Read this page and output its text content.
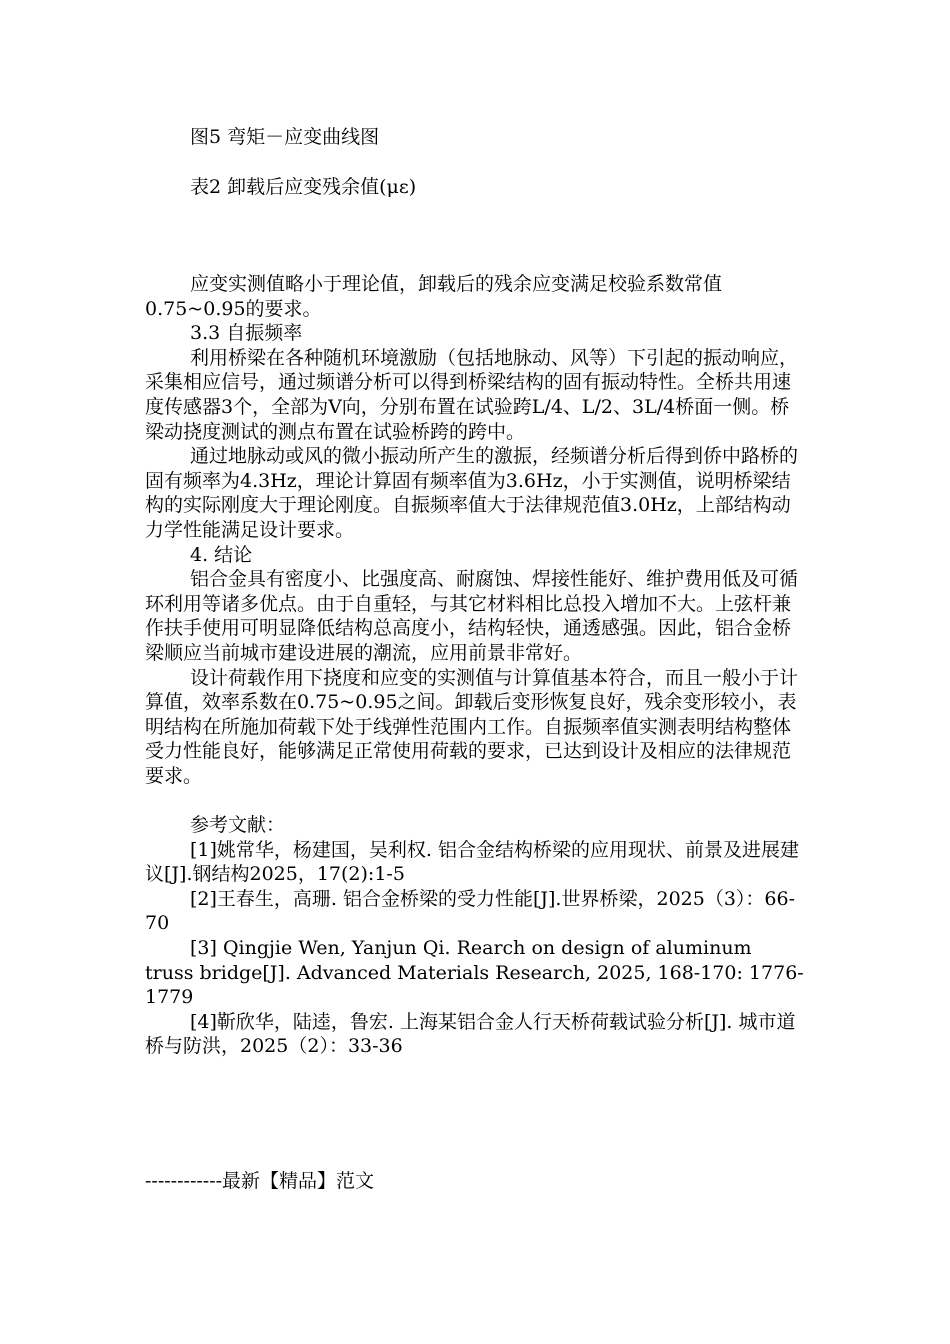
图5 弯矩－应变曲线图
表2 卸载后应变残余值(με)

应变实测值略小于理论值，卸载后的残余应变满足校验系数常值0.75~0.95的要求。

3.3 自振频率

利用桥梁在各种随机环境激励（包括地脉动、风等）下引起的振动响应，采集相应信号，通过频谱分析可以得到桥梁结构的固有振动特性。全桥共用速度传感器3个，全部为V向，分别布置在试验跨L/4、L/2、3L/4桥面一侧。桥梁动挠度测试的测点布置在试验桥跨的跨中。

通过地脉动或风的微小振动所产生的激振，经频谱分析后得到侨中路桥的固有频率为4.3Hz，理论计算固有频率值为3.6Hz，小于实测值，说明桥梁结构的实际刚度大于理论刚度。自振频率值大于法律规范值3.0Hz，上部结构动力学性能满足设计要求。

4. 结论

铝合金具有密度小、比强度高、耐腐蚀、焊接性能好、维护费用低及可循环利用等诸多优点。由于自重轻，与其它材料相比总投入增加不大。上弦杆兼作扶手使用可明显降低结构总高度小，结构轻快，通透感强。因此，铝合金桥梁顺应当前城市建设进展的潮流，应用前景非常好。

设计荷载作用下挠度和应变的实测值与计算值基本符合，而且一般小于计算值，效率系数在0.75~0.95之间。卸载后变形恢复良好，残余变形较小，表明结构在所施加荷载下处于线弹性范围内工作。自振频率值实测表明结构整体受力性能良好，能够满足正常使用荷载的要求，已达到设计及相应的法律规范要求。

参考文献：

[1]姚常华，杨建国，吴利权. 铝合金结构桥梁的应用现状、前景及进展建议[J].钢结构2025，17(2):1-5

[2]王春生，高珊. 铝合金桥梁的受力性能[J].世界桥梁，2025（3）：66-70

[3] Qingjie Wen, Yanjun Qi. Rearch on design of aluminum truss bridge[J]. Advanced Materials Research, 2025, 168-170: 1776-1779

[4]靳欣华，陆逵，鲁宏. 上海某铝合金人行天桥荷载试验分析[J]. 城市道桥与防洪，2025（2）：33-36

------------最新【精品】范文
